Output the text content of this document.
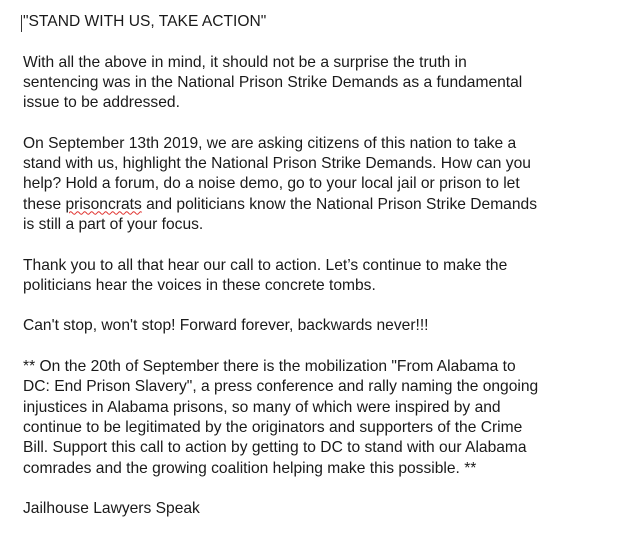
"STAND WITH US, TAKE ACTION"

With all the above in mind, it should not be a surprise the truth in
sentencing was in the National Prison Strike Demands as a fundamental
issue to be addressed.

On September 13th 2019, we are asking citizens of this nation to take a
stand with us, highlight the National Prison Strike Demands. How can you
help? Hold a forum, do a noise demo, go to your local jail or prison to let
these prisoncrats and politicians know the National Prison Strike Demands
is still a part of your focus.

Thank you to all that hear our call to action. Let’s continue to make the
politicians hear the voices in these concrete tombs.

Can't stop, won't stop! Forward forever, backwards never!!!

** On the 20th of September there is the mobilization "From Alabama to
DC: End Prison Slavery", a press conference and rally naming the ongoing
injustices in Alabama prisons, so many of which were inspired by and
continue to be legitimated by the originators and supporters of the Crime
Bill. Support this call to action by getting to DC to stand with our Alabama
comrades and the growing coalition helping make this possible. **

Jailhouse Lawyers Speak
